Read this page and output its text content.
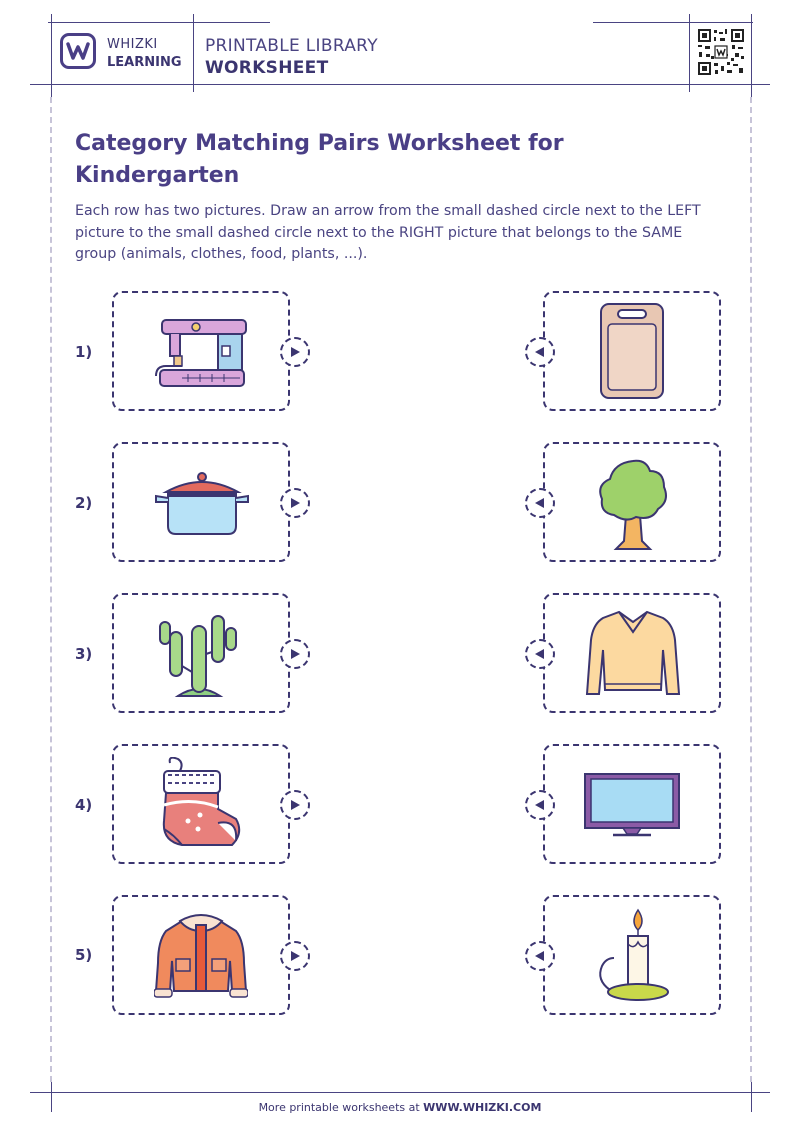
WHIZKI
LEARNING
PRINTABLE LIBRARY
WORKSHEET
Category Matching Pairs Worksheet for Kindergarten
Each row has two pictures. Draw an arrow from the small dashed circle next to the LEFT picture to the small dashed circle next to the RIGHT picture that belongs to the SAME group (animals, clothes, food, plants, ...).
1)
2)
3)
4)
5)
More printable worksheets at WWW.WHIZKI.COM
